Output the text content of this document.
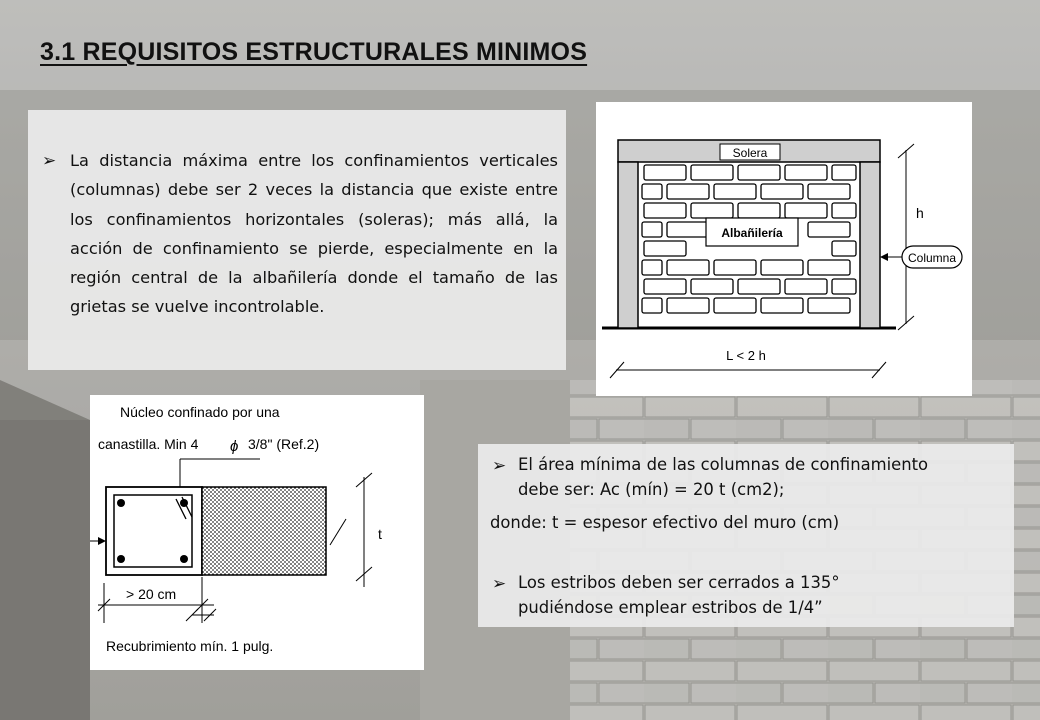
3.1 REQUISITOS ESTRUCTURALES MINIMOS
➢ La distancia máxima entre los confinamientos verticales (columnas) debe ser 2 veces la distancia que existe entre los confinamientos horizontales (soleras); más allá, la acción de confinamiento se pierde, especialmente en la región central de la albañilería donde el tamaño de las grietas se vuelve incontrolable.
Solera
Albañilería
h
Columna
L < 2 h
Núcleo confinado por una
canastilla. Min 4 ϕ 3/8" (Ref.2)
t
> 20 cm
Recubrimiento mín. 1 pulg.
➢ El área mínima de las columnas de confinamiento
debe ser: Ac (mín) = 20 t (cm2);
donde: t = espesor efectivo del muro (cm)
➢ Los estribos deben ser cerrados a 135°
pudiéndose emplear estribos de 1/4”
